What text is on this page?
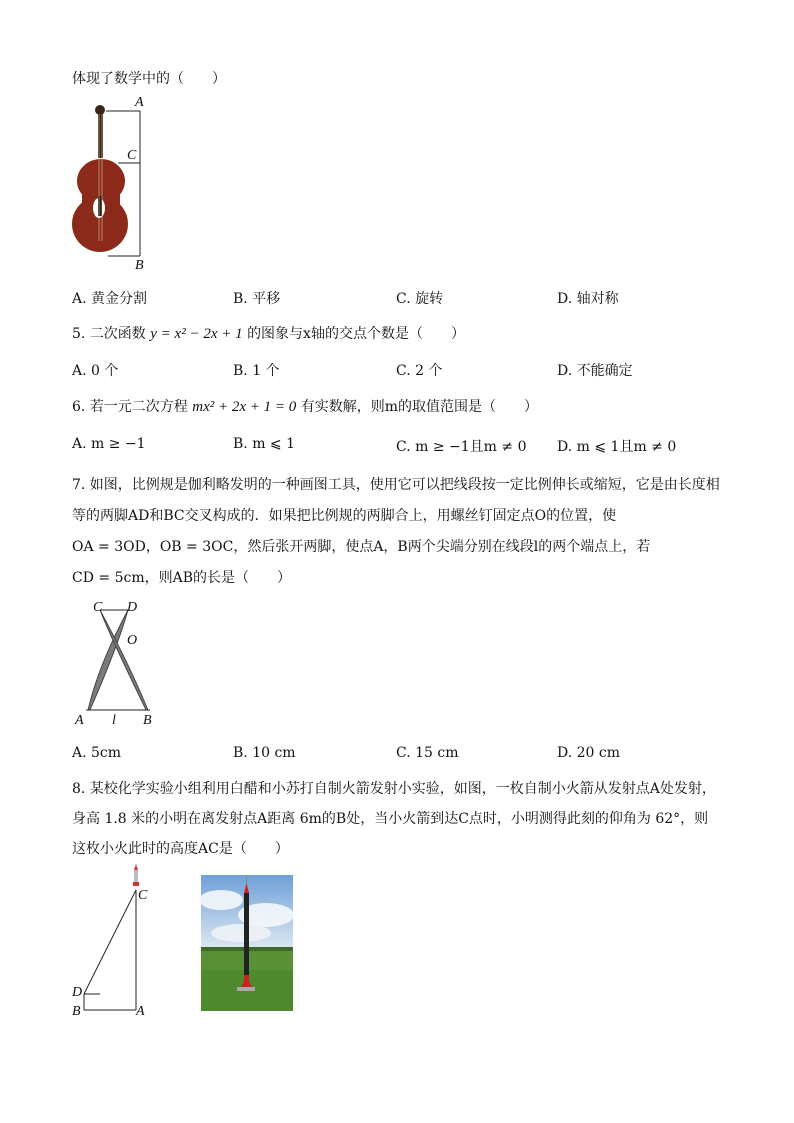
体现了数学中的（　　）
A
C
B
A. 黄金分割	B. 平移	C. 旋转	D. 轴对称
5. 二次函数 y = x² − 2x + 1 的图象与x轴的交点个数是（　　）
A. 0 个	B. 1 个	C. 2 个	D. 不能确定
6. 若一元二次方程 mx² + 2x + 1 = 0 有实数解，则m的取值范围是（　　）
A. m ≥ −1	B. m ⩽ 1	C. m ≥ −1且m ≠ 0 D. m ⩽ 1且m ≠ 0
7. 如图，比例规是伽利略发明的一种画图工具，使用它可以把线段按一定比例伸长或缩短，它是由长度相
等的两脚AD和BC交叉构成的．如果把比例规的两脚合上，用螺丝钉固定点O的位置，使
OA = 3OD，OB = 3OC，然后张开两脚，使点A，B两个尖端分别在线段l的两个端点上，若
CD = 5cm，则AB的长是（　　）
C D
O
A l B
A. 5cm	B. 10 cm	C. 15 cm	D. 20 cm
8. 某校化学实验小组利用白醋和小苏打自制火箭发射小实验，如图，一枚自制小火箭从发射点A处发射，
身高 1.8 米的小明在离发射点A距离 6m的B处，当小火箭到达C点时，小明测得此刻的仰角为 62°，则
这枚小火此时的高度AC是（　　）
C
D
B	A
